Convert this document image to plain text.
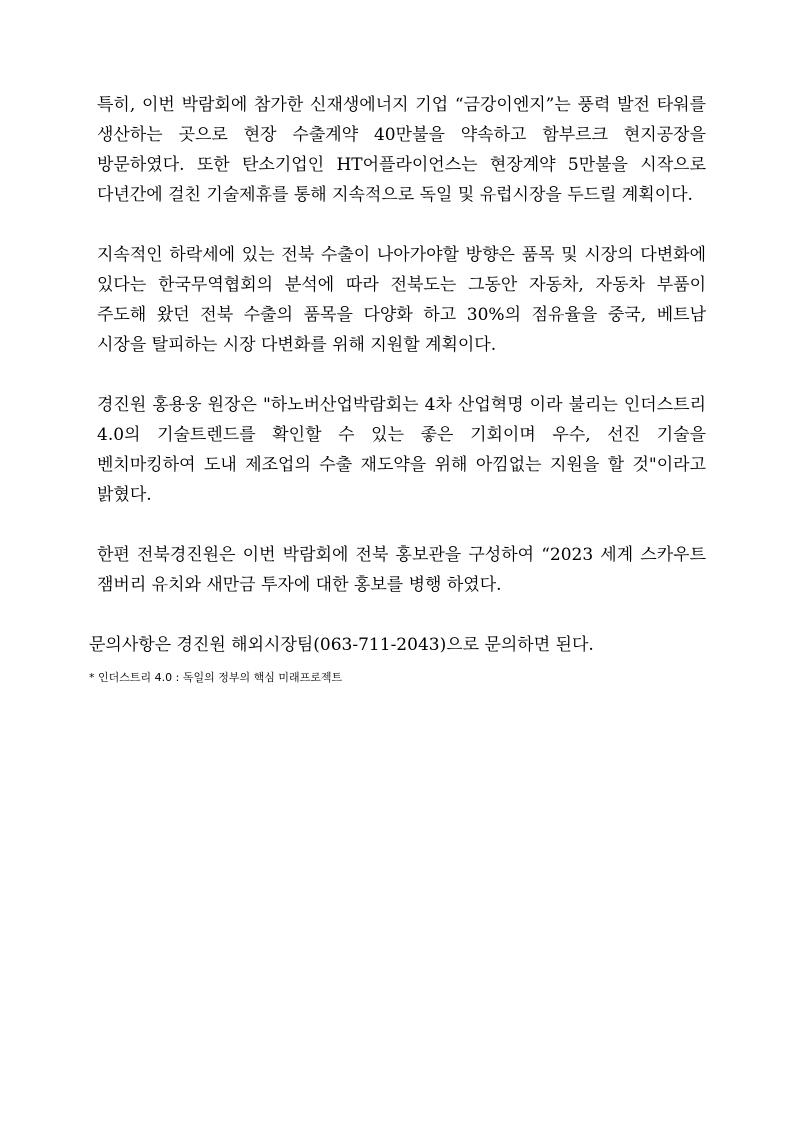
특히, 이번 박람회에 참가한 신재생에너지 기업 “금강이엔지”는 풍력 발전 타워를 생산하는 곳으로 현장 수출계약 40만불을 약속하고 함부르크 현지공장을 방문하였다. 또한 탄소기업인 HT어플라이언스는 현장계약 5만불을 시작으로 다년간에 걸친 기술제휴를 통해 지속적으로 독일 및 유럽시장을 두드릴 계획이다.

지속적인 하락세에 있는 전북 수출이 나아가야할 방향은 품목 및 시장의 다변화에 있다는 한국무역협회의 분석에 따라 전북도는 그동안 자동차, 자동차 부품이 주도해 왔던 전북 수출의 품목을 다양화 하고 30%의 점유율을 중국, 베트남 시장을 탈피하는 시장 다변화를 위해 지원할 계획이다.

경진원 홍용웅 원장은 "하노버산업박람회는 4차 산업혁명 이라 불리는 인더스트리 4.0의 기술트렌드를 확인할 수 있는 좋은 기회이며 우수, 선진 기술을 벤치마킹하여 도내 제조업의 수출 재도약을 위해 아낌없는 지원을 할 것"이라고 밝혔다.

한편 전북경진원은 이번 박람회에 전북 홍보관을 구성하여 “2023 세계 스카우트 잼버리 유치와 새만금 투자에 대한 홍보를 병행 하였다.

문의사항은 경진원 해외시장팀(063-711-2043)으로 문의하면 된다.

* 인더스트리 4.0 : 독일의 정부의 핵심 미래프로젝트
